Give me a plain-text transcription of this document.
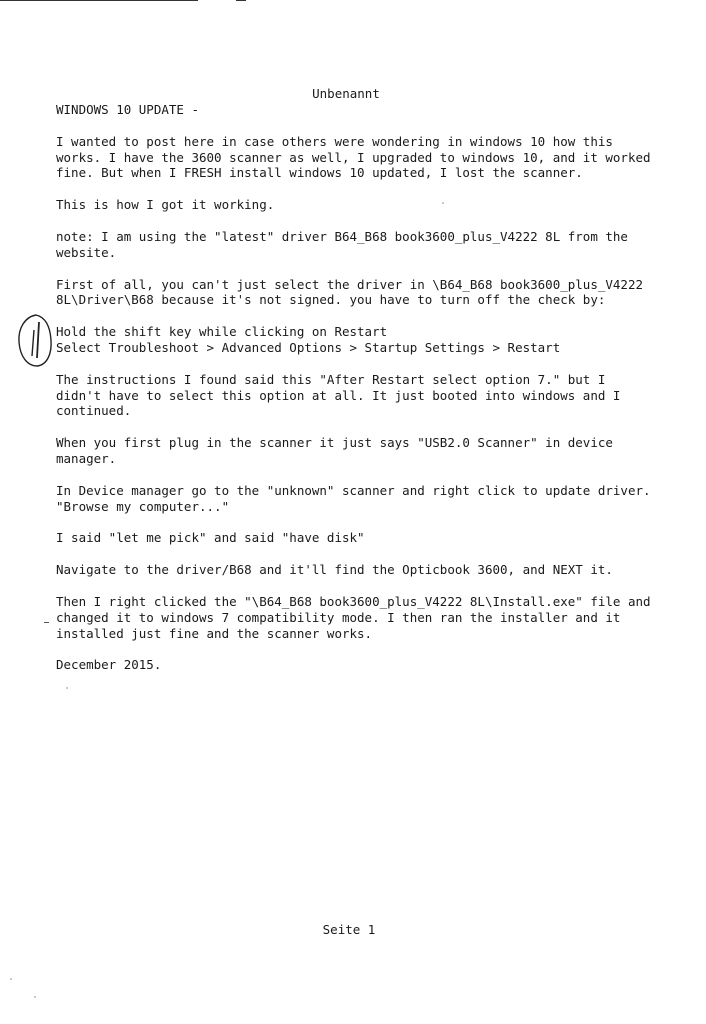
Unbenannt

WINDOWS 10 UPDATE -

I wanted to post here in case others were wondering in windows 10 how this
works. I have the 3600 scanner as well, I upgraded to windows 10, and it worked
fine. But when I FRESH install windows 10 updated, I lost the scanner.

This is how I got it working.

note: I am using the "latest" driver B64_B68 book3600_plus_V4222 8L from the
website.

First of all, you can't just select the driver in \B64_B68 book3600_plus_V4222
8L\Driver\B68 because it's not signed. you have to turn off the check by:

Hold the shift key while clicking on Restart
Select Troubleshoot > Advanced Options > Startup Settings > Restart

The instructions I found said this "After Restart select option 7." but I
didn't have to select this option at all. It just booted into windows and I
continued.

When you first plug in the scanner it just says "USB2.0 Scanner" in device
manager.

In Device manager go to the "unknown" scanner and right click to update driver.
"Browse my computer..."

I said "let me pick" and said "have disk"

Navigate to the driver/B68 and it'll find the Opticbook 3600, and NEXT it.

Then I right clicked the "\B64_B68 book3600_plus_V4222 8L\Install.exe" file and
changed it to windows 7 compatibility mode. I then ran the installer and it
installed just fine and the scanner works.

December 2015.

Seite 1
